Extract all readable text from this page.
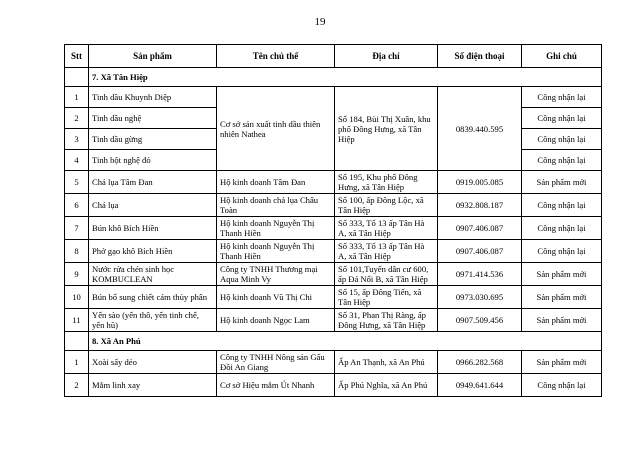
19
Stt	Sản phẩm	Tên chủ thể	Địa chỉ	Số điện thoại	Ghi chú
	7. Xã Tân Hiệp				
1	Tinh dầu Khuynh Diệp	Cơ sở sản xuất tinh dầu thiên nhiên Nathea	Số 184, Bùi Thị Xuân, khu phố Đông Hưng, xã Tân Hiệp	0839.440.595	Công nhận lại
2	Tinh dầu nghệ				Công nhận lại
3	Tinh dầu gừng				Công nhận lại
4	Tinh bột nghệ đỏ				Công nhận lại
5	Chả lụa Tâm Đan	Hộ kinh doanh Tâm Đan	Số 195, Khu phố Đông Hưng, xã Tân Hiệp	0919.005.085	Sản phẩm mới
6	Chả lụa	Hộ kinh doanh chả lụa Châu Toàn	Số 100, ấp Đông Lộc, xã Tân Hiệp	0932.808.187	Công nhận lại
7	Bún khô Bích Hiền	Hộ kinh doanh Nguyễn Thị Thanh Hiền	Số 333, Tổ 13 ấp Tân Hà A, xã Tân Hiệp	0907.406.087	Công nhận lại
8	Phở gạo khô Bích Hiền	Hộ kinh doanh Nguyễn Thị Thanh Hiền	Số 333, Tổ 13 ấp Tân Hà A, xã Tân Hiệp	0907.406.087	Công nhận lại
9	Nước rửa chén sinh học KOMBUCLEAN	Công ty TNHH Thương mại Aqua Minh Vy	Số 101,Tuyến dân cư 600, ấp Đá Nổi B, xã Tân Hiệp	0971.414.536	Sản phẩm mới
10	Bún bổ sung chiết cám thủy phân	Hộ kinh doanh Vũ Thị Chi	Số 15, ấp Đông Tiến, xã Tân Hiệp	0973.030.695	Sản phẩm mới
11	Yến sào (yến thô, yến tinh chế, yến hũ)	Hộ kinh doanh Ngọc Lam	Số 31, Phan Thị Ràng, ấp Đông Hưng, xã Tân Hiệp	0907.509.456	Sản phẩm mới
	8. Xã An Phú				
1	Xoài sấy dẻo	Công ty TNHH Nông sản Gấu Đồi An Giang	Ấp An Thạnh, xã An Phú	0966.282.568	Sản phẩm mới
2	Mắm linh xay	Cơ sở Hiệu mắm Út Nhanh	Ấp Phú Nghĩa, xã An Phú	0949.641.644	Công nhận lại
